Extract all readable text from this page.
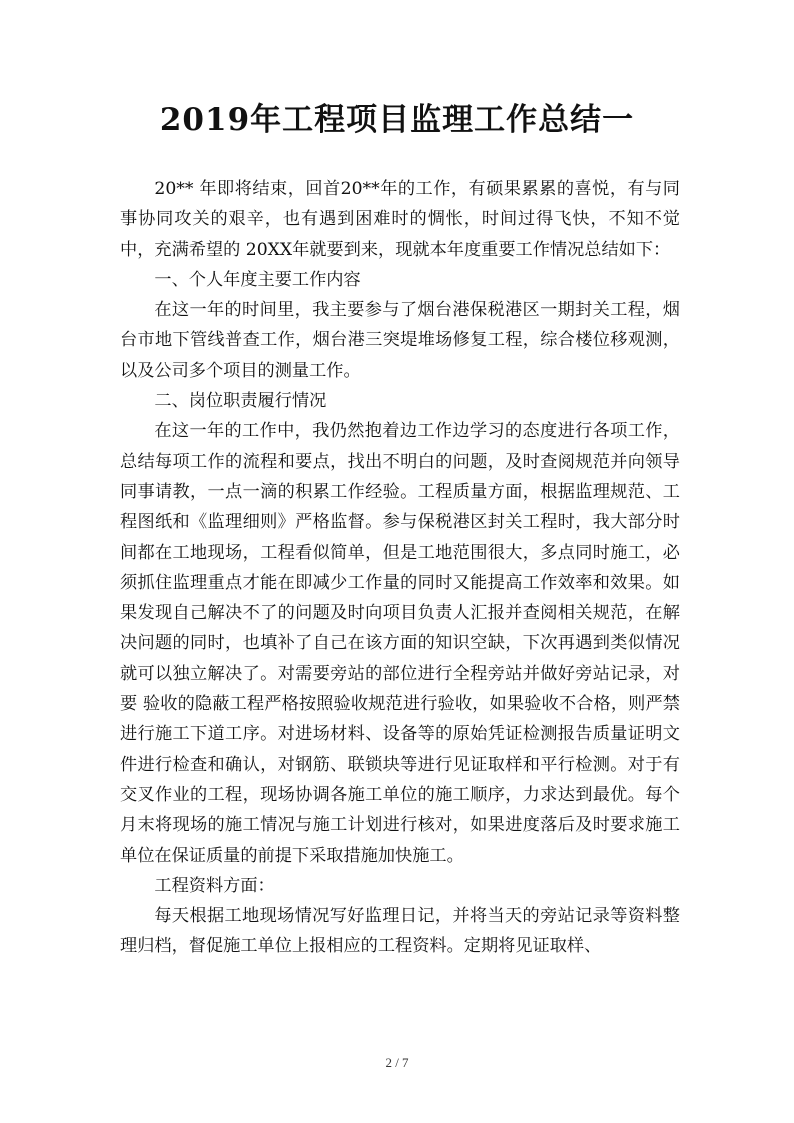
2019年工程项目监理工作总结一

20** 年即将结束，回首20**年的工作，有硕果累累的喜悦，有与同事协同攻关的艰辛，也有遇到困难时的惆怅，时间过得飞快，不知不觉中，充满希望的 20XX年就要到来，现就本年度重要工作情况总结如下：

一、个人年度主要工作内容

在这一年的时间里，我主要参与了烟台港保税港区一期封关工程，烟台市地下管线普查工作，烟台港三突堤堆场修复工程，综合楼位移观测，以及公司多个项目的测量工作。

二、岗位职责履行情况

在这一年的工作中，我仍然抱着边工作边学习的态度进行各项工作，总结每项工作的流程和要点，找出不明白的问题，及时查阅规范并向领导同事请教，一点一滴的积累工作经验。工程质量方面，根据监理规范、工程图纸和《监理细则》严格监督。参与保税港区封关工程时，我大部分时间都在工地现场，工程看似简单，但是工地范围很大，多点同时施工，必须抓住监理重点才能在即减少工作量的同时又能提高工作效率和效果。如果发现自己解决不了的问题及时向项目负责人汇报并查阅相关规范，在解决问题的同时，也填补了自己在该方面的知识空缺，下次再遇到类似情况就可以独立解决了。对需要旁站的部位进行全程旁站并做好旁站记录，对要 验收的隐蔽工程严格按照验收规范进行验收，如果验收不合格，则严禁进行施工下道工序。对进场材料、设备等的原始凭证检测报告质量证明文件进行检查和确认，对钢筋、联锁块等进行见证取样和平行检测。对于有交叉作业的工程，现场协调各施工单位的施工顺序，力求达到最优。每个月末将现场的施工情况与施工计划进行核对，如果进度落后及时要求施工单位在保证质量的前提下采取措施加快施工。

工程资料方面：

每天根据工地现场情况写好监理日记，并将当天的旁站记录等资料整理归档，督促施工单位上报相应的工程资料。定期将见证取样、

2 / 7
